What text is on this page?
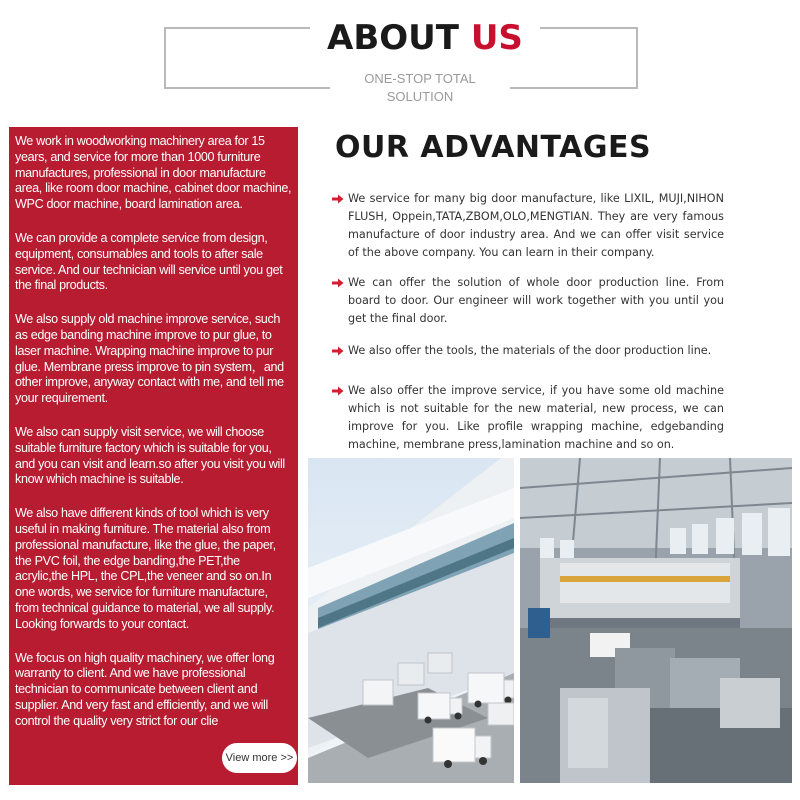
ABOUT US
ONE-STOP TOTAL SOLUTION

We work in woodworking machinery area for 15 years, and service for more than 1000 furniture manufactures, professional in door manufacture area, like room door machine, cabinet door machine, WPC door machine, board lamination area.

We can provide a complete service from design, equipment, consumables and tools to after sale service. And our technician will service until you get the final products.

We also supply old machine improve service, such as edge banding machine improve to pur glue, to laser machine. Wrapping machine improve to pur glue. Membrane press improve to pin system，and other improve, anyway contact with me, and tell me your requirement.

We also can supply visit service, we will choose suitable furniture factory which is suitable for you, and you can visit and learn.so after you visit you will know which machine is suitable.

We also have different kinds of tool which is very useful in making furniture. The material also from professional manufacture, like the glue, the paper, the PVC foil, the edge banding,the PET,the acrylic,the HPL, the CPL,the veneer and so on.In one words, we service for furniture manufacture, from technical guidance to material, we all supply. Looking forwards to your contact.

We focus on high quality machinery, we offer long warranty to client. And we have professional technician to communicate between client and supplier. And very fast and efficiently, and we will control the quality very strict for our clie

View more >>
OUR ADVANTAGES
We service for many big door manufacture, like LIXIL, MUJI,NIHON FLUSH, Oppein,TATA,ZBOM,OLO,MENGTIAN. They are very famous manufacture of door industry area. And we can offer visit service of the above company. You can learn in their company.
We can offer the solution of whole door production line. From board to door. Our engineer will work together with you until you get the final door.
We also offer the tools, the materials of the door production line.
We also offer the improve service, if you have some old machine which is not suitable for the new material, new process, we can improve for you. Like profile wrapping machine, edgebanding machine, membrane press,lamination machine and so on.
